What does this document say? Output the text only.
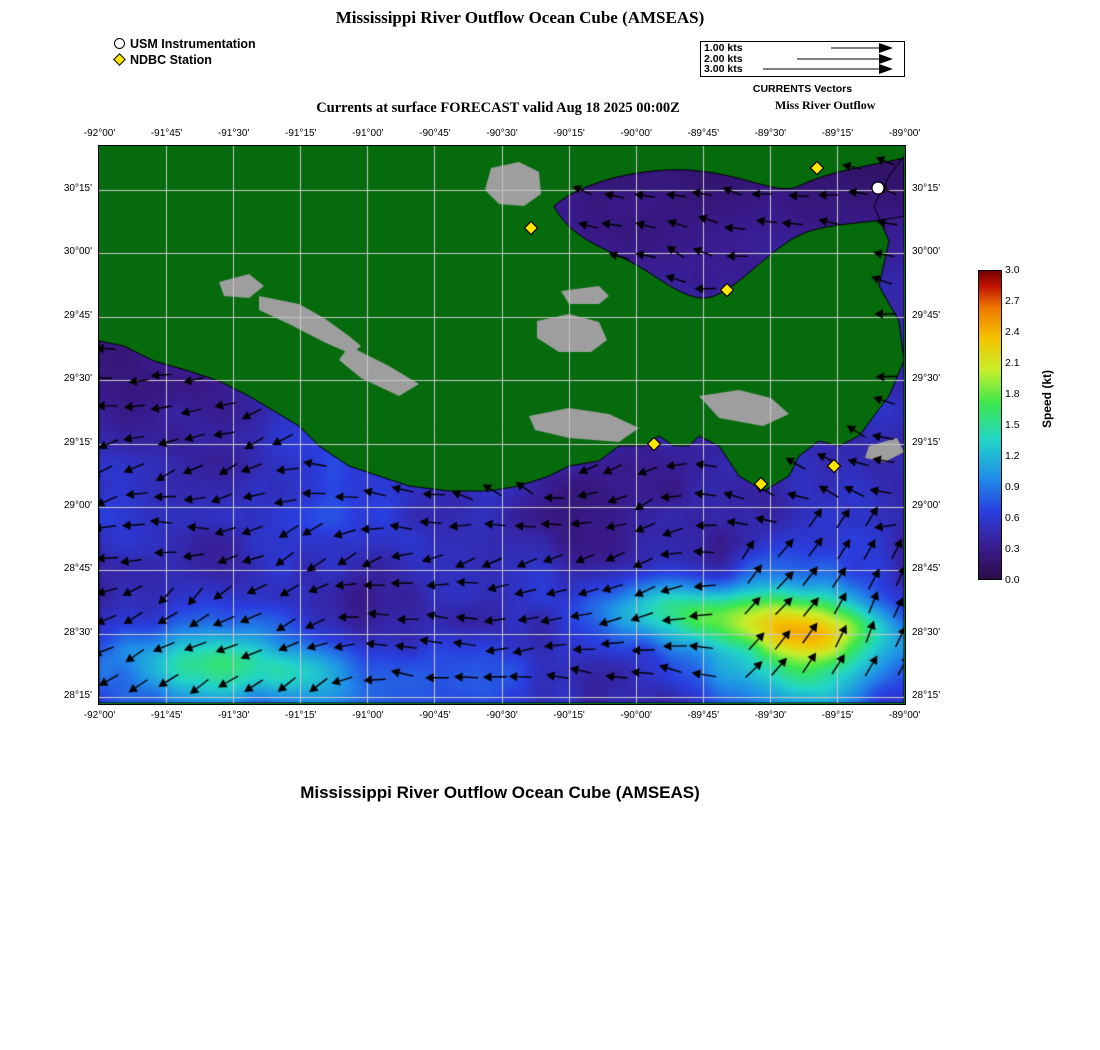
Mississippi River Outflow Ocean Cube (AMSEAS)
USM Instrumentation
NDBC Station
1.00 kts
2.00 kts
3.00 kts
CURRENTS Vectors
Currents at surface FORECAST valid Aug 18 2025 00:00Z	Miss River Outflow
-92°00'
-92°00'
-91°45'
-91°45'
-91°30'
-91°30'
-91°15'
-91°15'
-91°00'
-91°00'
-90°45'
-90°45'
-90°30'
-90°30'
-90°15'
-90°15'
-90°00'
-90°00'
-89°45'
-89°45'
-89°30'
-89°30'
-89°15'
-89°15'
-89°00'
-89°00'
30°15'	30°15'
30°00'	30°00'
29°45'	29°45'
29°30'	29°30'
29°15'	29°15'
29°00'	29°00'
28°45'	28°45'
28°30'	28°30'
28°15'	28°15'
3.0
2.7
2.4
2.1
1.8
1.5
1.2
0.9
0.6
0.3
0.0
Speed (kt)
Mississippi River Outflow Ocean Cube (AMSEAS)
